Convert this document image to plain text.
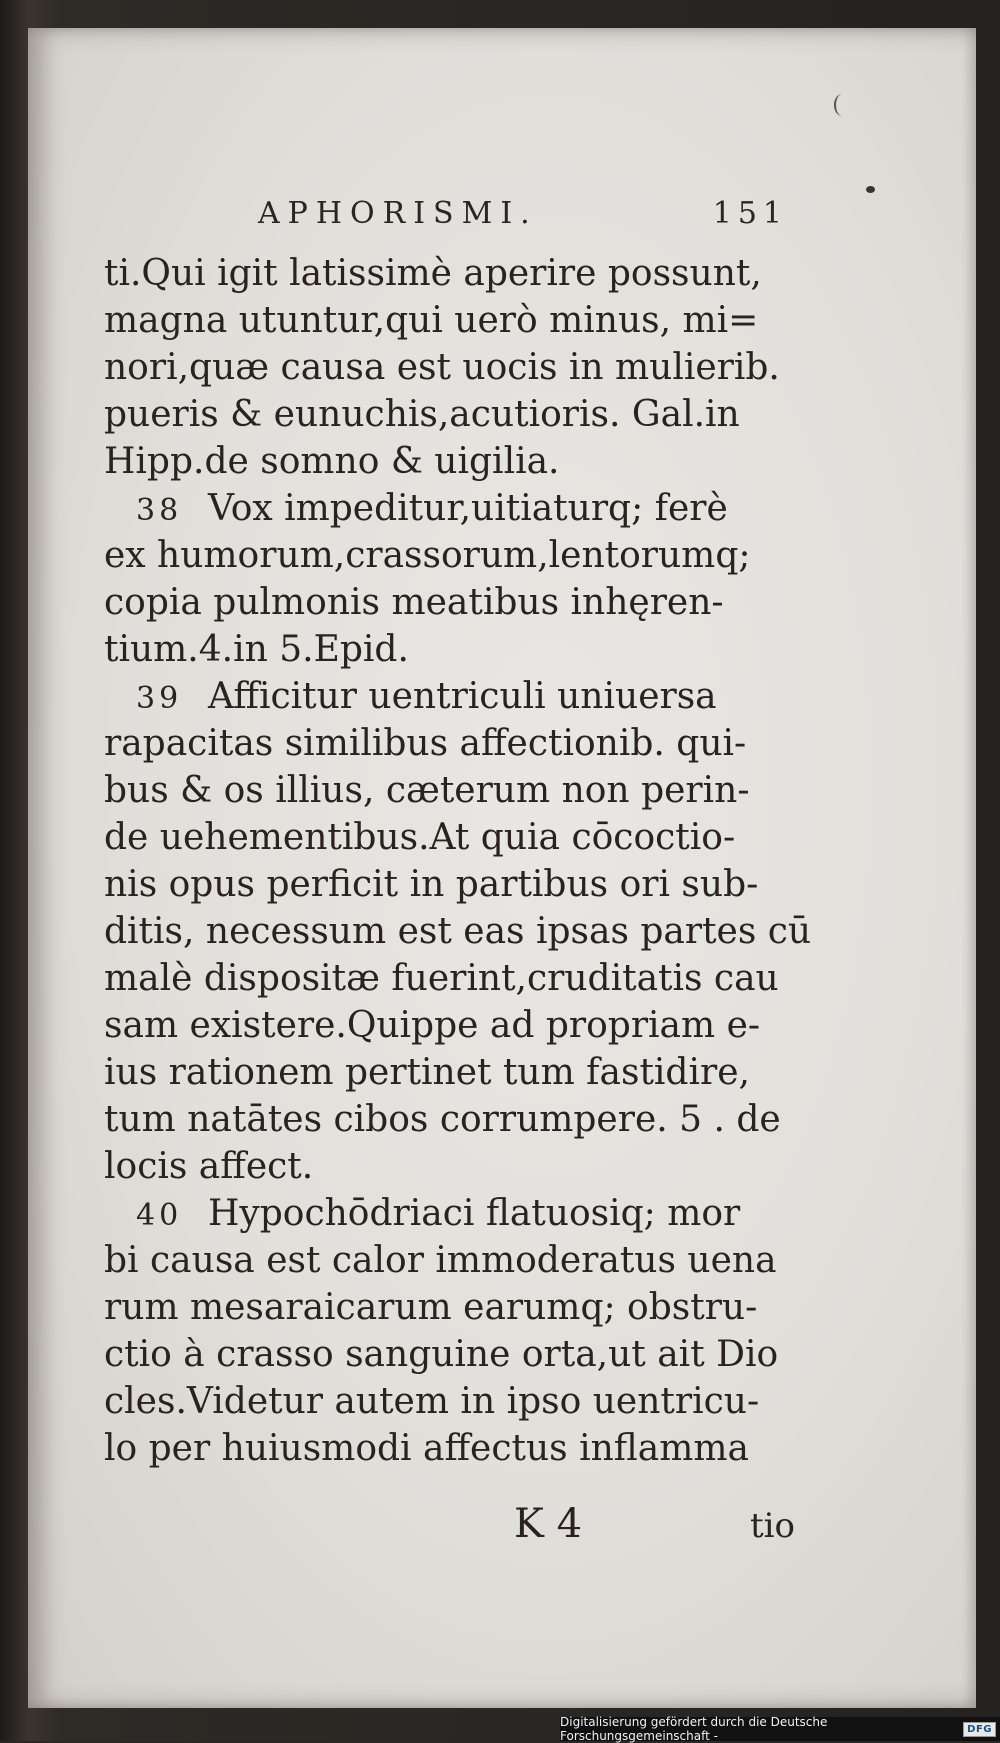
APHORISMI.	151
ti.Qui igit latissimè aperire possunt,
magna utuntur,qui uerò minus, mi=
nori,quæ causa est uocis in mulierib.
pueris & eunuchis,acutioris. Gal.in
Hipp.de somno & uigilia.
38 Vox impeditur,uitiaturq; ferè
ex humorum,crassorum,lentorumq;
copia pulmonis meatibus inhęren-
tium.4.in 5.Epid.
39 Afficitur uentriculi uniuersa
rapacitas similibus affectionib. qui-
bus & os illius, cæterum non perin-
de uehementibus.At quia cōcoctio-
nis opus perficit in partibus ori sub-
ditis, necessum est eas ipsas partes cū
malè dispositæ fuerint,cruditatis cau
sam existere.Quippe ad propriam e-
ius rationem pertinet tum fastidire,
tum natātes cibos corrumpere. 5 . de
locis affect.
40 Hypochōdriaci flatuosiq; mor
bi causa est calor immoderatus uena
rum mesaraicarum earumq; obstru-
ctio à crasso sanguine orta,ut ait Dio
cles.Videtur autem in ipso uentricu-
lo per huiusmodi affectus inflamma
K 4	tio
Digitalisierung gefördert durch die Deutsche Forschungsgemeinschaft -	DFG
